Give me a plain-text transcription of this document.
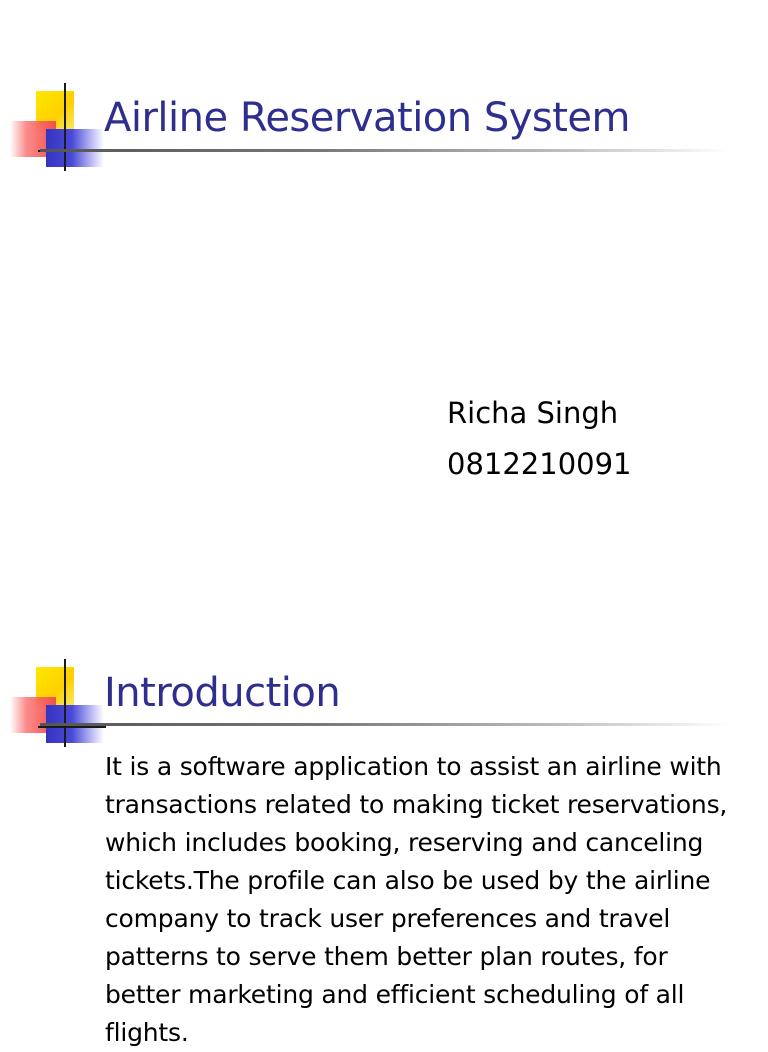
Airline Reservation System
Richa Singh
0812210091
Introduction

It is a software application to assist an airline with transactions related to making ticket reservations, which includes booking, reserving and canceling tickets.The profile can also be used by the airline company to track user preferences and travel patterns to serve them better plan routes, for better marketing and efficient scheduling of all flights.
